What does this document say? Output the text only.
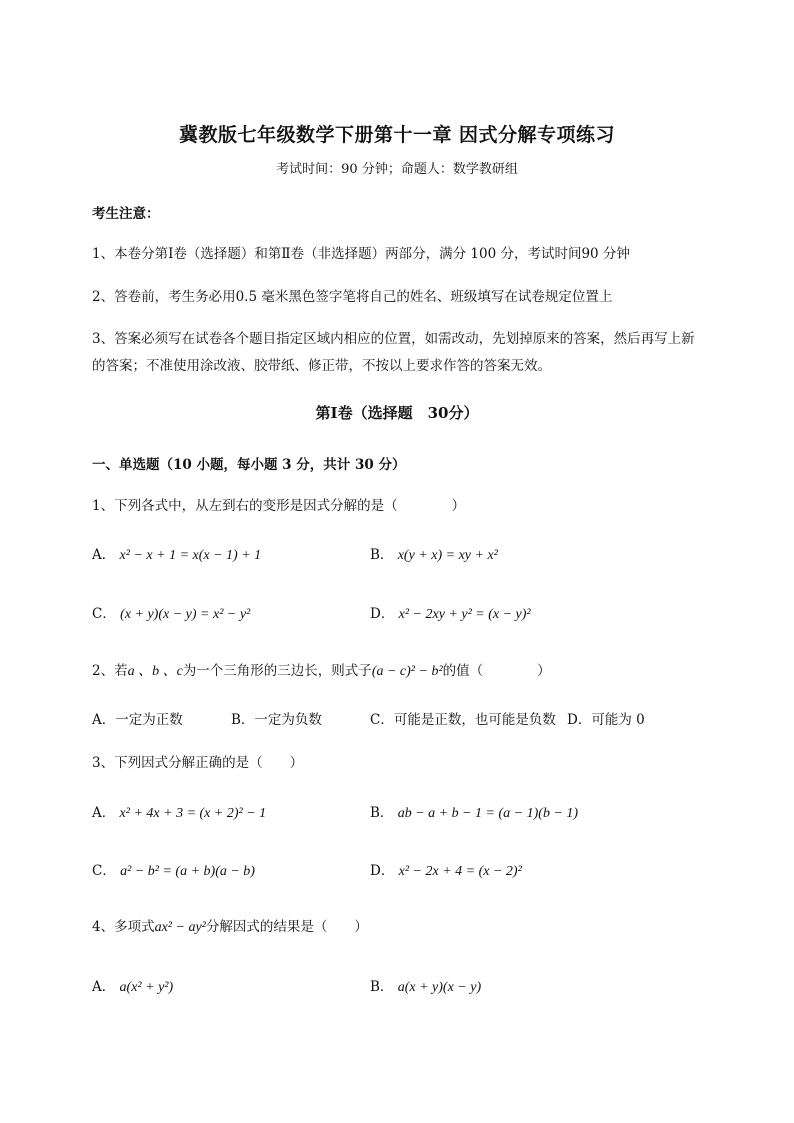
冀教版七年级数学下册第十一章 因式分解专项练习
考试时间：90 分钟；命题人：数学教研组
考生注意：
1、本卷分第Ⅰ卷（选择题）和第Ⅱ卷（非选择题）两部分，满分 100 分，考试时间90 分钟
2、答卷前，考生务必用0.5 毫米黑色签字笔将自己的姓名、班级填写在试卷规定位置上
3、答案必须写在试卷各个题目指定区域内相应的位置，如需改动，先划掉原来的答案，然后再写上新
的答案；不准使用涂改液、胶带纸、修正带，不按以上要求作答的答案无效。
第Ⅰ卷（选择题　30分）
一、单选题（10 小题，每小题 3 分，共计 30 分）
1、下列各式中，从左到右的变形是因式分解的是（　　　　）
A． x² − x + 1 = x(x − 1) + 1	B． x(y + x) = xy + x²
C． (x + y)(x − y) = x² − y²	D． x² − 2xy + y² = (x − y)²
2、若a 、b 、c为一个三角形的三边长，则式子(a − c)² − b²的值（　　　　）
A．一定为正数	B．一定为负数	C．可能是正数，也可能是负数 D．可能为 0
3、下列因式分解正确的是（　　）
A． x² + 4x + 3 = (x + 2)² − 1	B． ab − a + b − 1 = (a − 1)(b − 1)
C． a² − b² = (a + b)(a − b)	D． x² − 2x + 4 = (x − 2)²
4、多项式ax² − ay²分解因式的结果是（　　）
A． a(x² + y²)	B． a(x + y)(x − y)
